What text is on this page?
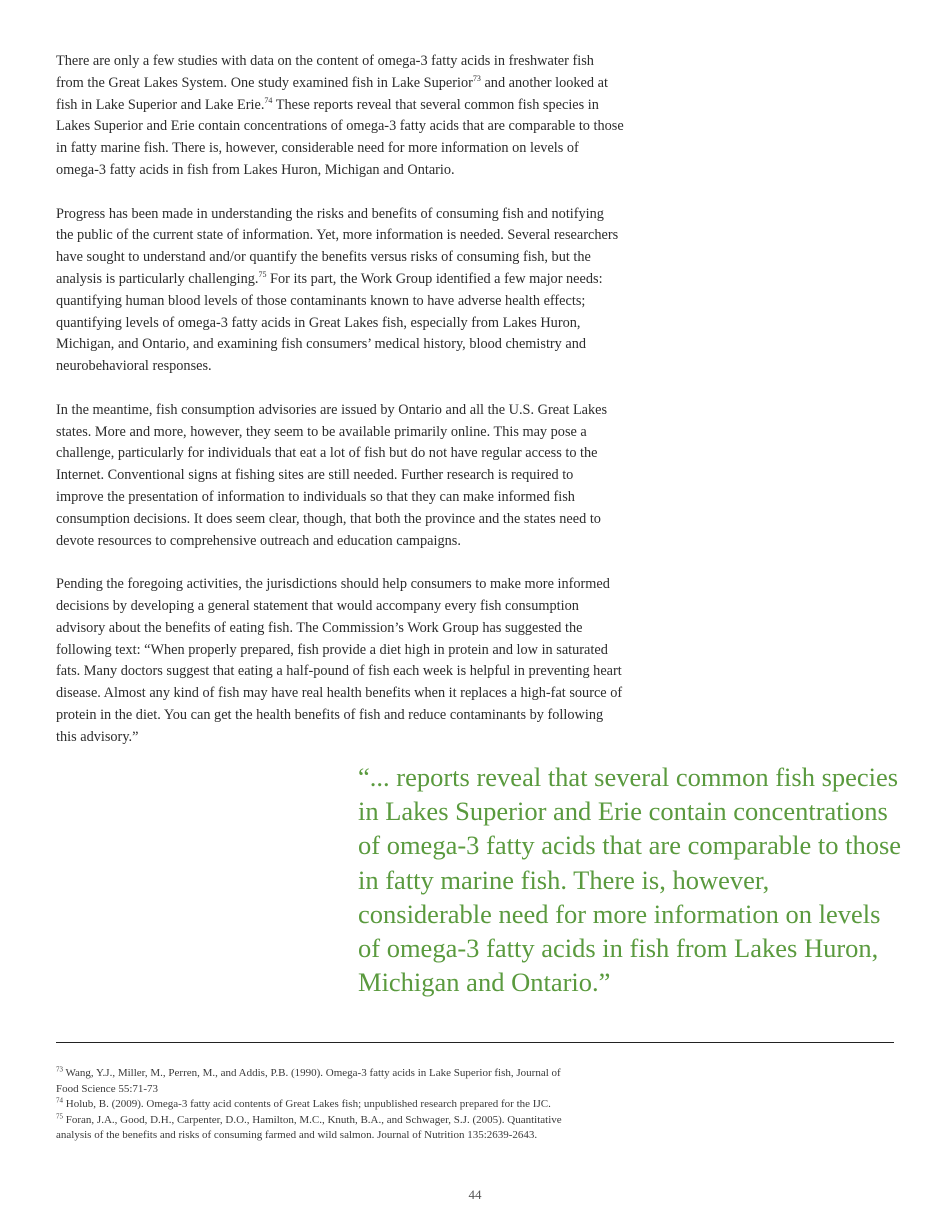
There are only a few studies with data on the content of omega-3 fatty acids in freshwater fish from the Great Lakes System. One study examined fish in Lake Superior$^{73}$ and another looked at fish in Lake Superior and Lake Erie.$^{74}$ These reports reveal that several common fish species in Lakes Superior and Erie contain concentrations of omega-3 fatty acids that are comparable to those in fatty marine fish. There is, however, considerable need for more information on levels of omega-3 fatty acids in fish from Lakes Huron, Michigan and Ontario.

Progress has been made in understanding the risks and benefits of consuming fish and notifying the public of the current state of information. Yet, more information is needed. Several researchers have sought to understand and/or quantify the benefits versus risks of consuming fish, but the analysis is particularly challenging.$^{75}$ For its part, the Work Group identified a few major needs: quantifying human blood levels of those contaminants known to have adverse health effects; quantifying levels of omega-3 fatty acids in Great Lakes fish, especially from Lakes Huron, Michigan, and Ontario, and examining fish consumers’ medical history, blood chemistry and neurobehavioral responses.

In the meantime, fish consumption advisories are issued by Ontario and all the U.S. Great Lakes states. More and more, however, they seem to be available primarily online. This may pose a challenge, particularly for individuals that eat a lot of fish but do not have regular access to the Internet. Conventional signs at fishing sites are still needed. Further research is required to improve the presentation of information to individuals so that they can make informed fish consumption decisions. It does seem clear, though, that both the province and the states need to devote resources to comprehensive outreach and education campaigns.

Pending the foregoing activities, the jurisdictions should help consumers to make more informed decisions by developing a general statement that would accompany every fish consumption advisory about the benefits of eating fish. The Commission’s Work Group has suggested the following text: “When properly prepared, fish provide a diet high in protein and low in saturated fats. Many doctors suggest that eating a half-pound of fish each week is helpful in preventing heart disease. Almost any kind of fish may have real health benefits when it replaces a high-fat source of protein in the diet. You can get the health benefits of fish and reduce contaminants by following this advisory.”

“... reports reveal that several common fish species in Lakes Superior and Erie contain concentrations of omega-3 fatty acids that are comparable to those in fatty marine fish. There is, however, considerable need for more information on levels of omega-3 fatty acids in fish from Lakes Huron, Michigan and Ontario.”

$^{73}$ Wang, Y.J., Miller, M., Perren, M., and Addis, P.B. (1990). Omega-3 fatty acids in Lake Superior fish, Journal of Food Science 55:71-73

$^{74}$ Holub, B. (2009). Omega-3 fatty acid contents of Great Lakes fish; unpublished research prepared for the IJC.

$^{75}$ Foran, J.A., Good, D.H., Carpenter, D.O., Hamilton, M.C., Knuth, B.A., and Schwager, S.J. (2005). Quantitative analysis of the benefits and risks of consuming farmed and wild salmon. Journal of Nutrition 135:2639-2643.

44
